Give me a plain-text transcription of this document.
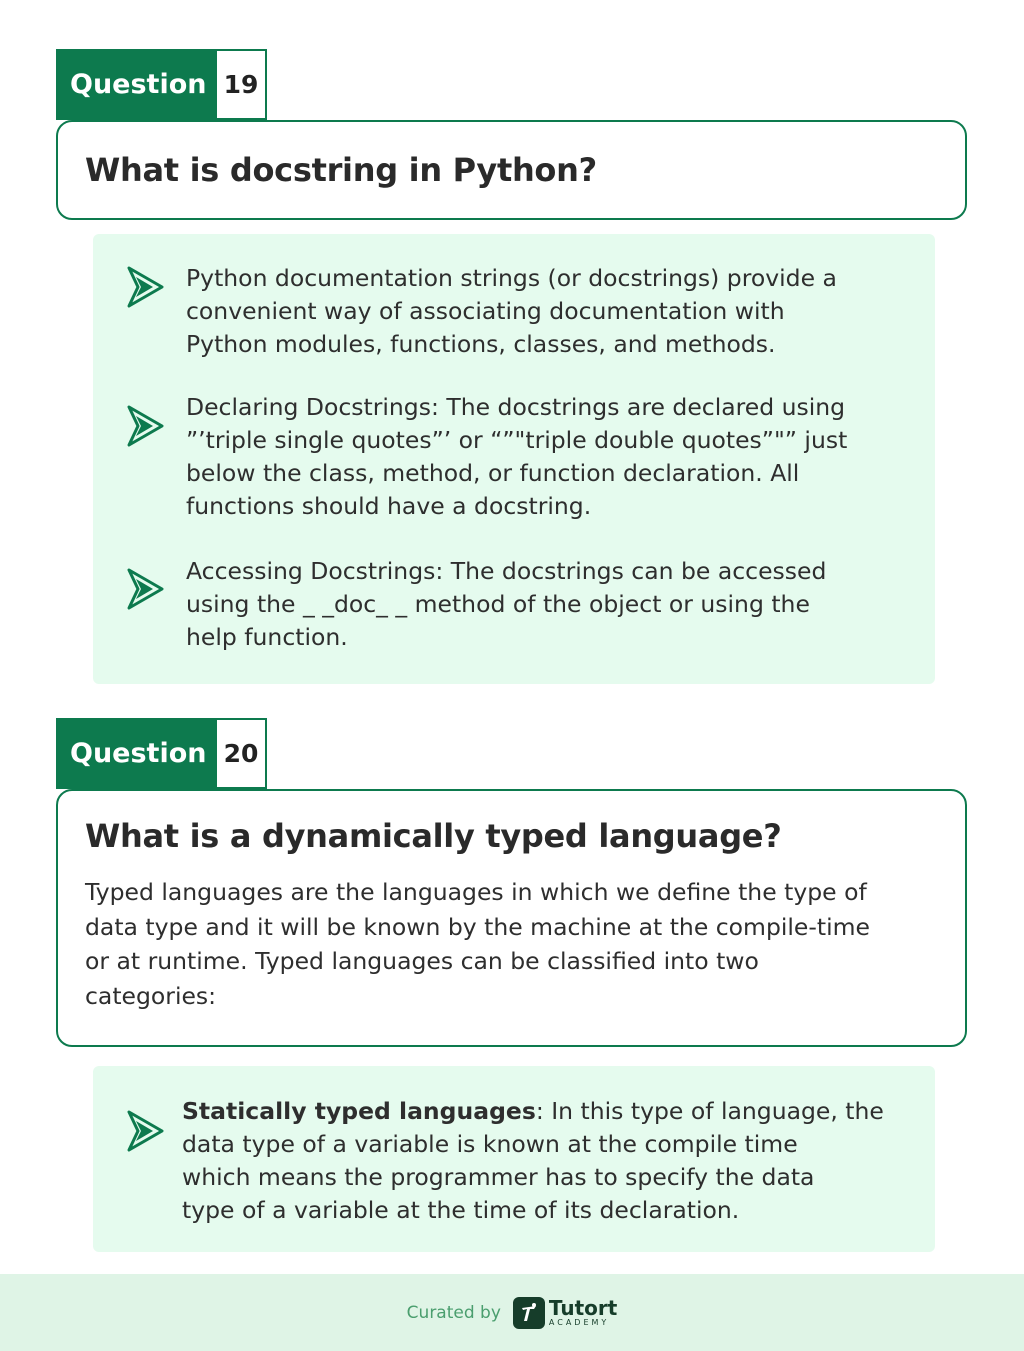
Question 19
What is docstring in Python?
Python documentation strings (or docstrings) provide a
convenient way of associating documentation with
Python modules, functions, classes, and methods.
Declaring Docstrings: The docstrings are declared using
”’triple single quotes”’ or “”"triple double quotes”"” just
below the class, method, or function declaration. All
functions should have a docstring.
Accessing Docstrings: The docstrings can be accessed
using the _ _doc_ _ method of the object or using the
help function.
Question 20
What is a dynamically typed language?
Typed languages are the languages in which we define the type of
data type and it will be known by the machine at the compile-time
or at runtime. Typed languages can be classified into two
categories:
Statically typed languages: In this type of language, the
data type of a variable is known at the compile time
which means the programmer has to specify the data
type of a variable at the time of its declaration.
Curated by Tutort
ACADEMY
